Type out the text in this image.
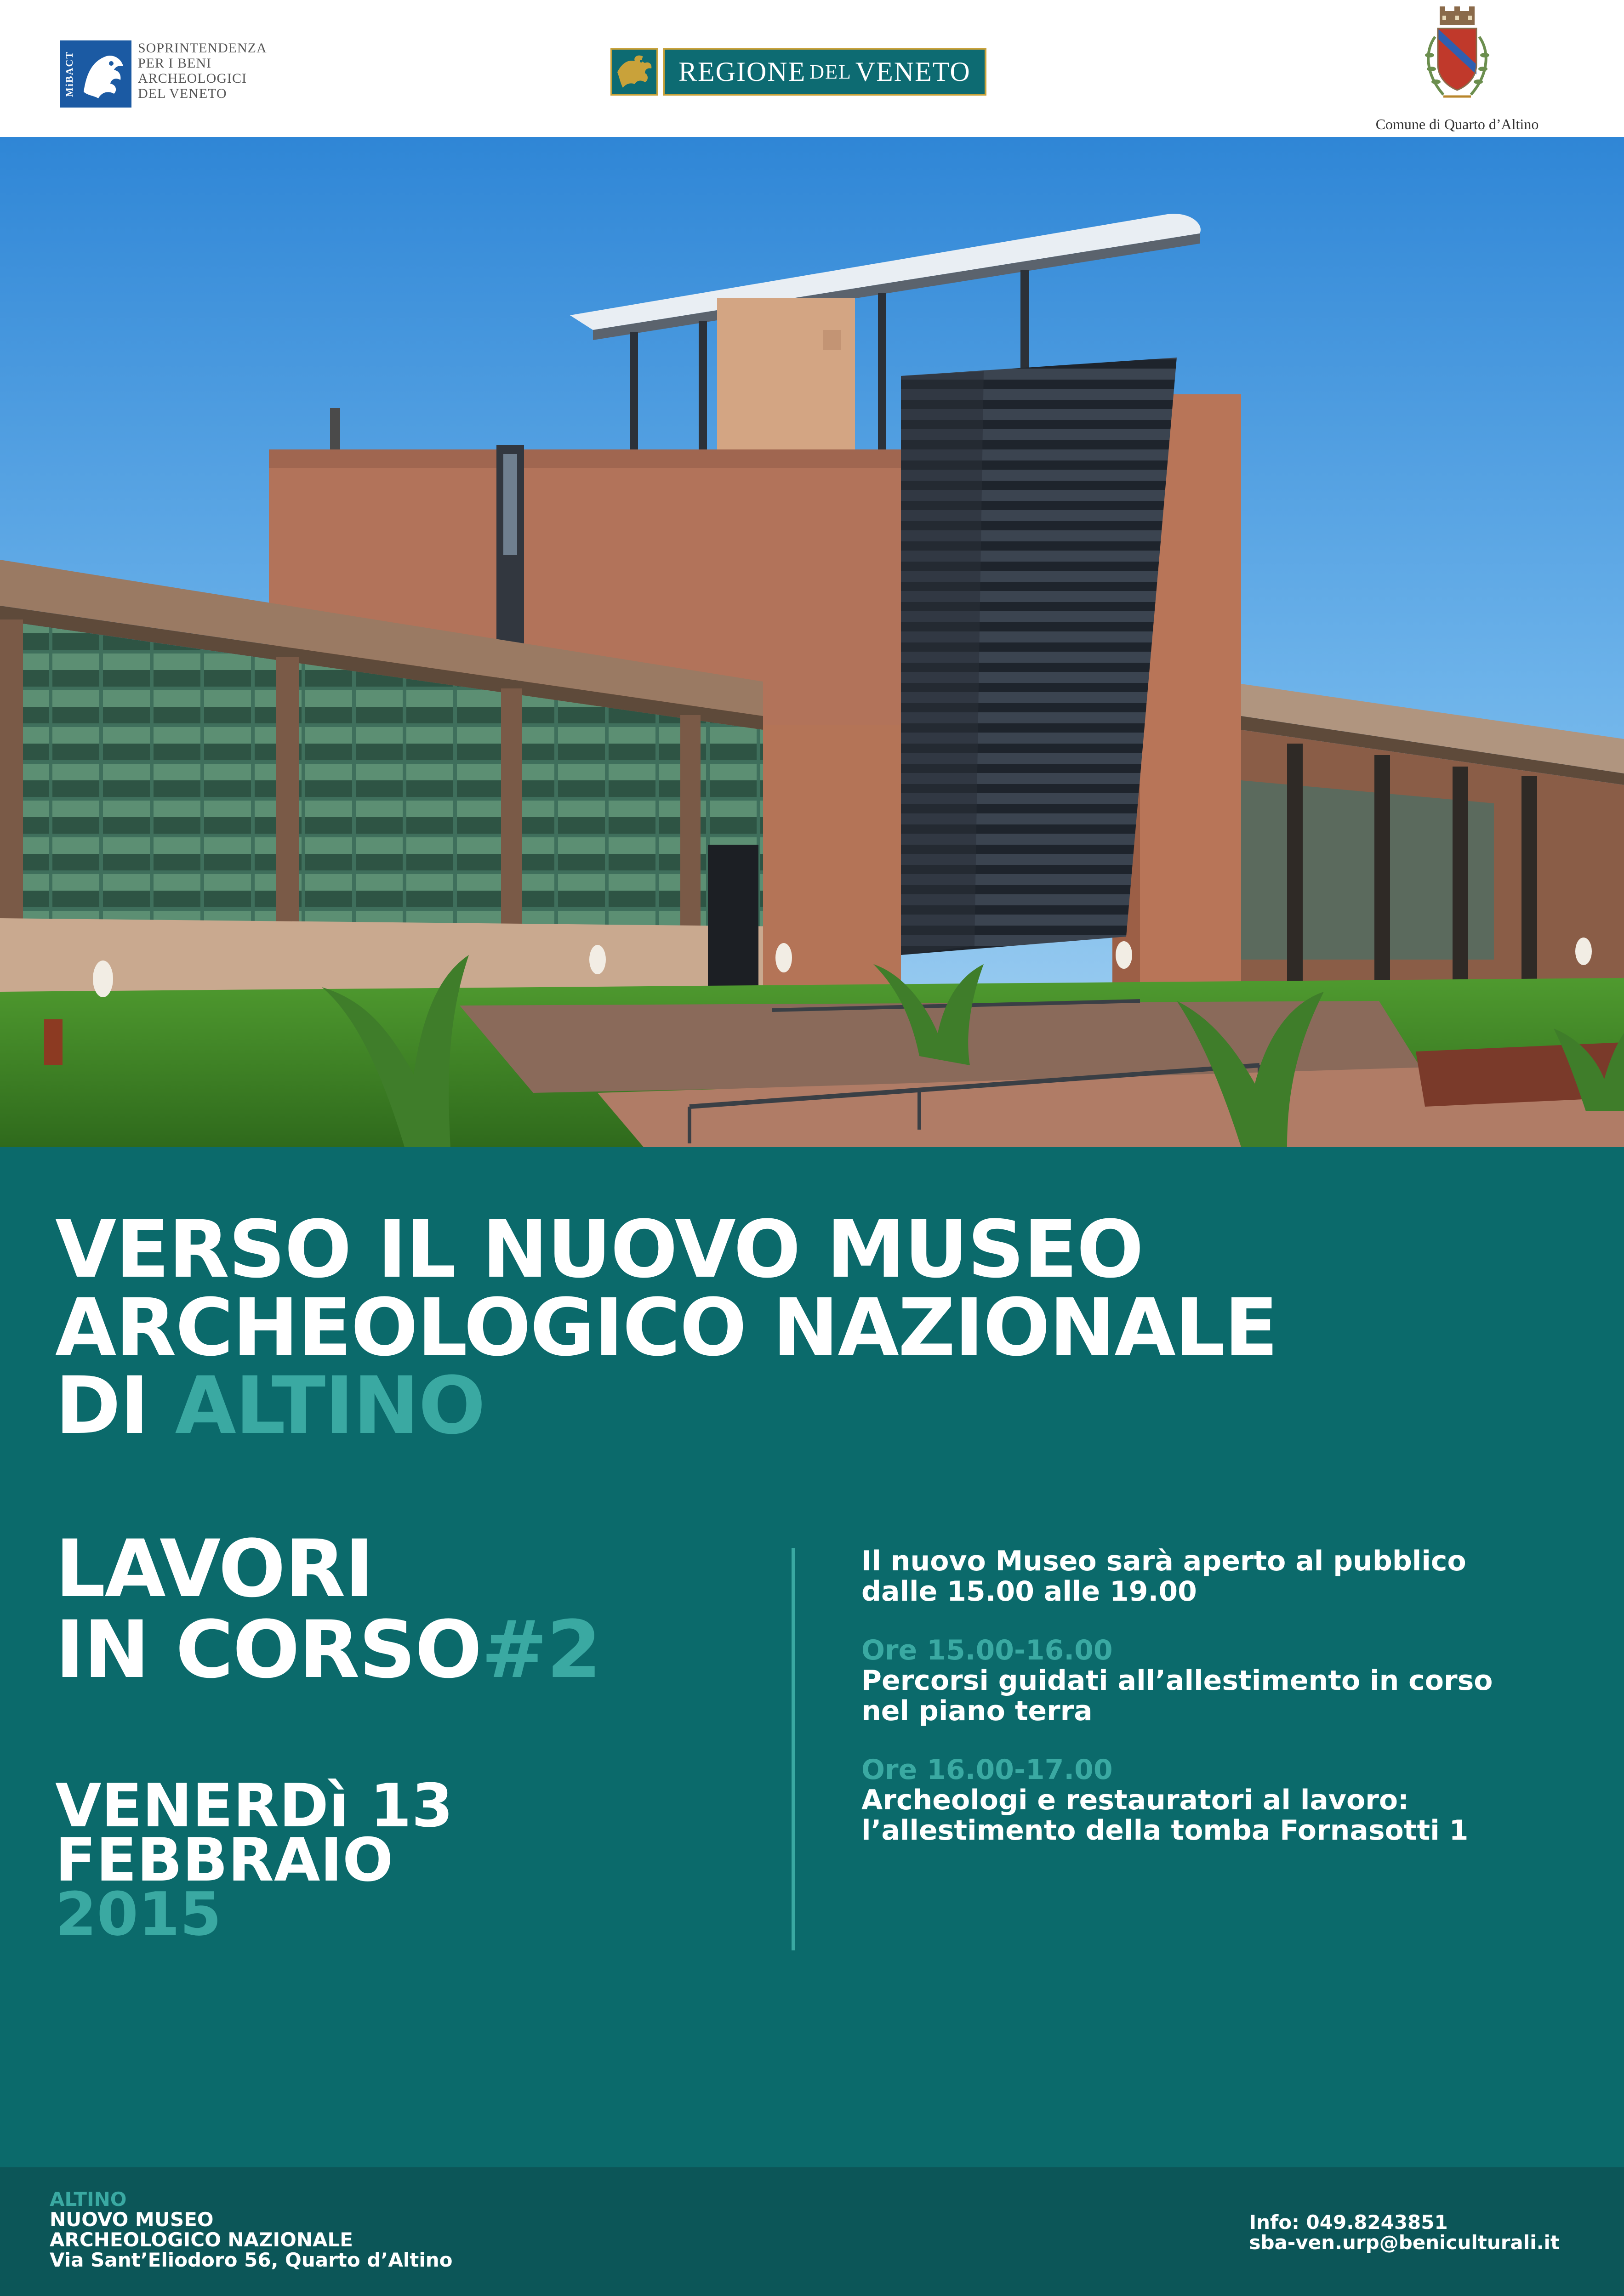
MiBACT
SOPRINTENDENZA
PER I BENI
ARCHEOLOGICI
DEL VENETO
REGIONE DEL VENETO
Comune di Quarto d’Altino
VERSO IL NUOVO MUSEO
ARCHEOLOGICO NAZIONALE
DI ALTINO
LAVORI
IN CORSO#2
VENERDì 13
FEBBRAIO
2015
Il nuovo Museo sarà aperto al pubblico
dalle 15.00 alle 19.00
Ore 15.00-16.00
Percorsi guidati all’allestimento in corso
nel piano terra
Ore 16.00-17.00
Archeologi e restauratori al lavoro:
l’allestimento della tomba Fornasotti 1
ALTINO
NUOVO MUSEO
ARCHEOLOGICO NAZIONALE
Via Sant’Eliodoro 56, Quarto d’Altino
Info: 049.8243851
sba-ven.urp@beniculturali.it
